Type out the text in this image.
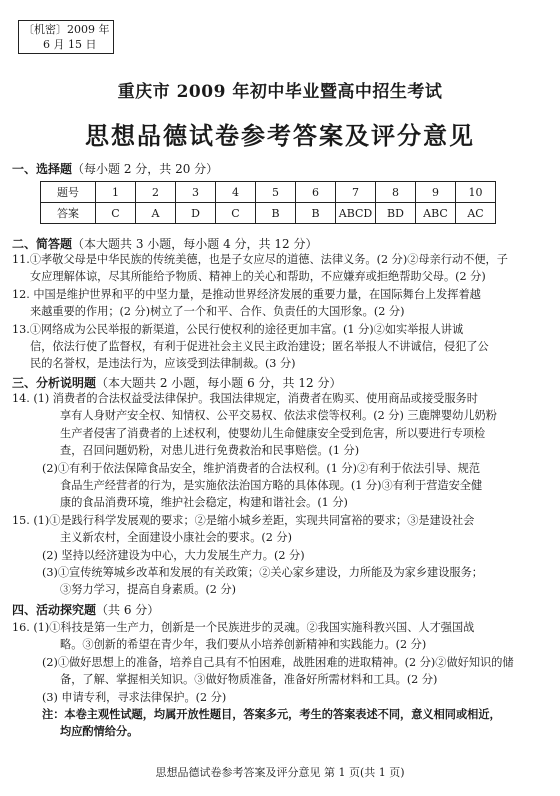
〔机密〕2009 年
6 月 15 日
重庆市 2009 年初中毕业暨高中招生考试
思想品德试卷参考答案及评分意见
一、选择题（每小题 2 分，共 20 分）
题号	1	2	3	4	5	6	7	8	9	10
答案	C	A	D	C	B	B	ABCD	BD	ABC	AC
二、简答题（本大题共 3 小题，每小题 4 分，共 12 分）
11.①孝敬父母是中华民族的传统美德，也是子女应尽的道德、法律义务。(2 分)②母亲行动不便，子
女应理解体谅，尽其所能给予物质、精神上的关心和帮助，不应嫌弃或拒绝帮助父母。(2 分)
12. 中国是维护世界和平的中坚力量，是推动世界经济发展的重要力量，在国际舞台上发挥着越
来越重要的作用；(2 分)树立了一个和平、合作、负责任的大国形象。(2 分)
13.①网络成为公民举报的新渠道，公民行使权利的途径更加丰富。(1 分)②如实举报人讲诚
信，依法行使了监督权，有利于促进社会主义民主政治建设；匿名举报人不讲诚信，侵犯了公
民的名誉权，是违法行为，应该受到法律制裁。(3 分)
三、分析说明题（本大题共 2 小题，每小题 6 分，共 12 分）
14. (1) 消费者的合法权益受法律保护。我国法律规定，消费者在购买、使用商品或接受服务时
享有人身财产安全权、知情权、公平交易权、依法求偿等权利。(2 分) 三鹿牌婴幼儿奶粉
生产者侵害了消费者的上述权利，使婴幼儿生命健康安全受到危害，所以要进行专项检
查，召回问题奶粉，对患儿进行免费救治和民事赔偿。(1 分)
(2)①有利于依法保障食品安全，维护消费者的合法权利。(1 分)②有利于依法引导、规范
食品生产经营者的行为，是实施依法治国方略的具体体现。(1 分)③有利于营造安全健
康的食品消费环境，维护社会稳定，构建和谐社会。(1 分)
15. (1)①是践行科学发展观的要求；②是缩小城乡差距，实现共同富裕的要求；③是建设社会
主义新农村，全面建设小康社会的要求。(2 分)
(2) 坚持以经济建设为中心，大力发展生产力。(2 分)
(3)①宣传统筹城乡改革和发展的有关政策；②关心家乡建设，力所能及为家乡建设服务；
③努力学习，提高自身素质。(2 分)
四、活动探究题（共 6 分）
16. (1)①科技是第一生产力，创新是一个民族进步的灵魂。②我国实施科教兴国、人才强国战
略。③创新的希望在青少年，我们要从小培养创新精神和实践能力。(2 分)
(2)①做好思想上的准备，培养自己具有不怕困难，战胜困难的进取精神。(2 分)②做好知识的储
备，了解、掌握相关知识。③做好物质准备，准备好所需材料和工具。(2 分)
(3) 申请专利，寻求法律保护。(2 分)
注：本卷主观性试题，均属开放性题目，答案多元，考生的答案表述不同，意义相同或相近，
均应酌情给分。
思想品德试卷参考答案及评分意见 第 1 页(共 1 页)
